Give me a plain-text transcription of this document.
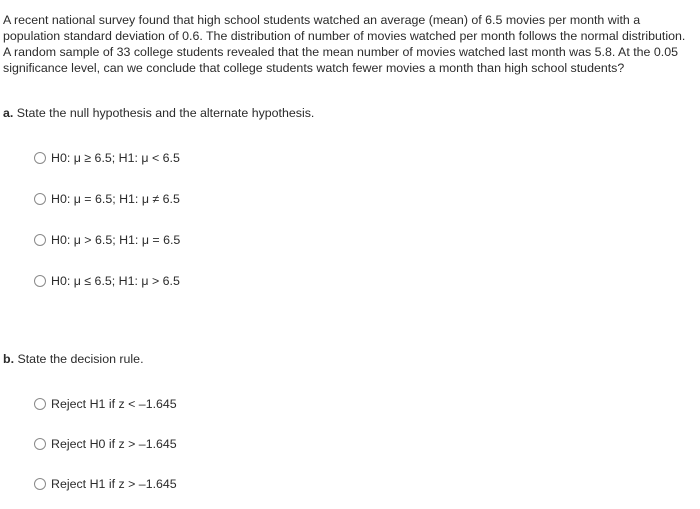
A recent national survey found that high school students watched an average (mean) of 6.5 movies per month with a population standard deviation of 0.6. The distribution of number of movies watched per month follows the normal distribution. A random sample of 33 college students revealed that the mean number of movies watched last month was 5.8. At the 0.05 significance level, can we conclude that college students watch fewer movies a month than high school students?

a. State the null hypothesis and the alternate hypothesis.

H0: μ ≥ 6.5; H1: μ < 6.5
H0: μ = 6.5; H1: μ ≠ 6.5
H0: μ > 6.5; H1: μ = 6.5
H0: μ ≤ 6.5; H1: μ > 6.5

b. State the decision rule.

Reject H1 if z < –1.645
Reject H0 if z > –1.645
Reject H1 if z > –1.645
